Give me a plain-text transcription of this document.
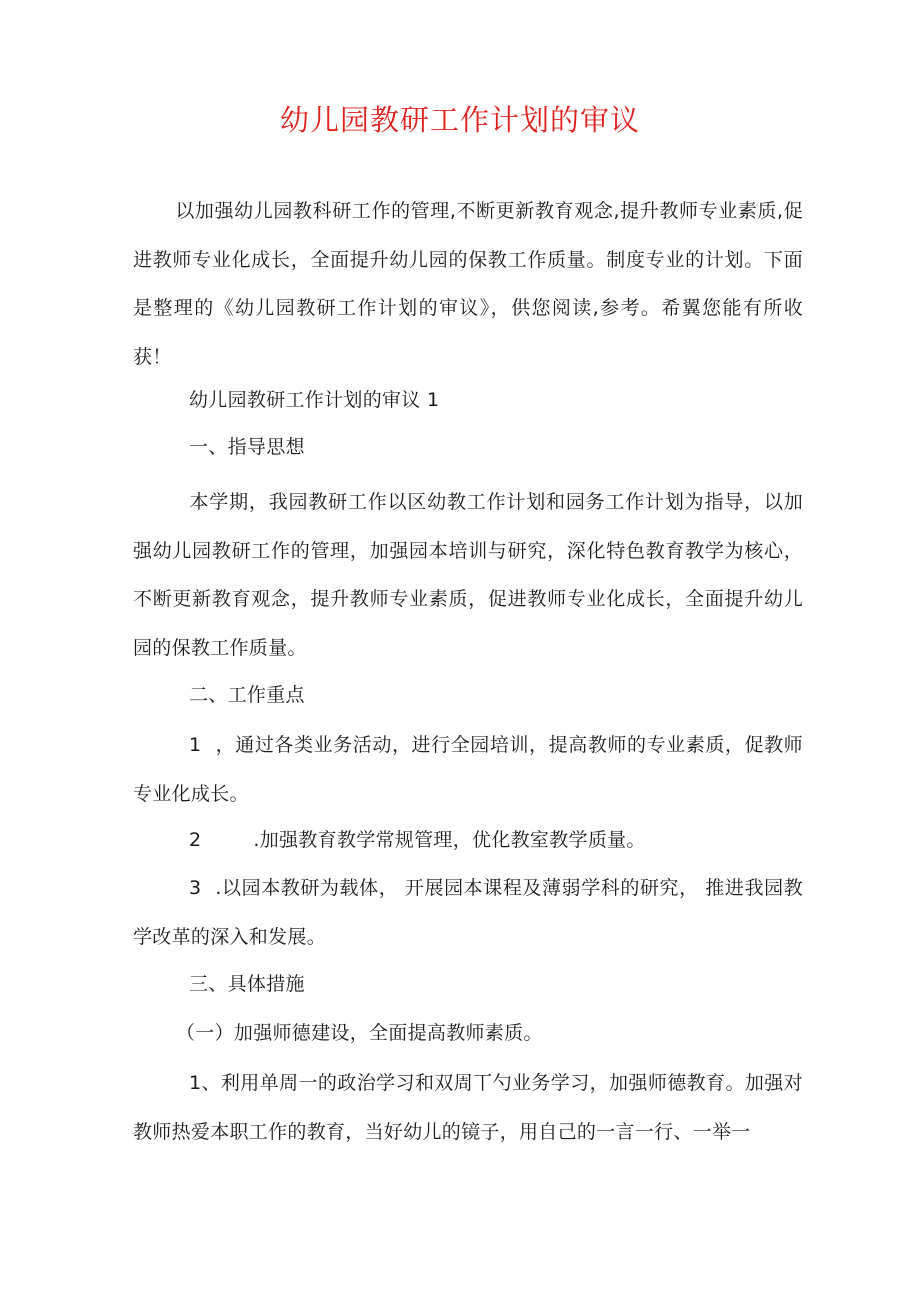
幼儿园教研工作计划的审议
以加强幼儿园教科研工作的管理,不断更新教育观念,提升教师专业素质,促进教师专业化成长，全面提升幼儿园的保教工作质量。制度专业的计划。下面是整理的《幼儿园教研工作计划的审议》，供您阅读,参考。希翼您能有所收获！
幼儿园教研工作计划的审议 1
一、指导思想
本学期，我园教研工作以区幼教工作计划和园务工作计划为指导，以加强幼儿园教研工作的管理，加强园本培训与研究，深化特色教育教学为核心，不断更新教育观念，提升教师专业素质，促进教师专业化成长，全面提升幼儿园的保教工作质量。
二、工作重点
1 ，通过各类业务活动，进行全园培训，提高教师的专业素质，促教师专业化成长。
2	.加强教育教学常规管理，优化教室教学质量。
3 .以园本教研为载体， 开展园本课程及薄弱学科的研究， 推进我园教学改革的深入和发展。
三、具体措施
（一）加强师德建设，全面提高教师素质。
1、利用单周一的政治学习和双周丅勺业务学习，加强师德教育。加强对教师热爱本职工作的教育，当好幼儿的镜子，用自己的一言一行、一举一
